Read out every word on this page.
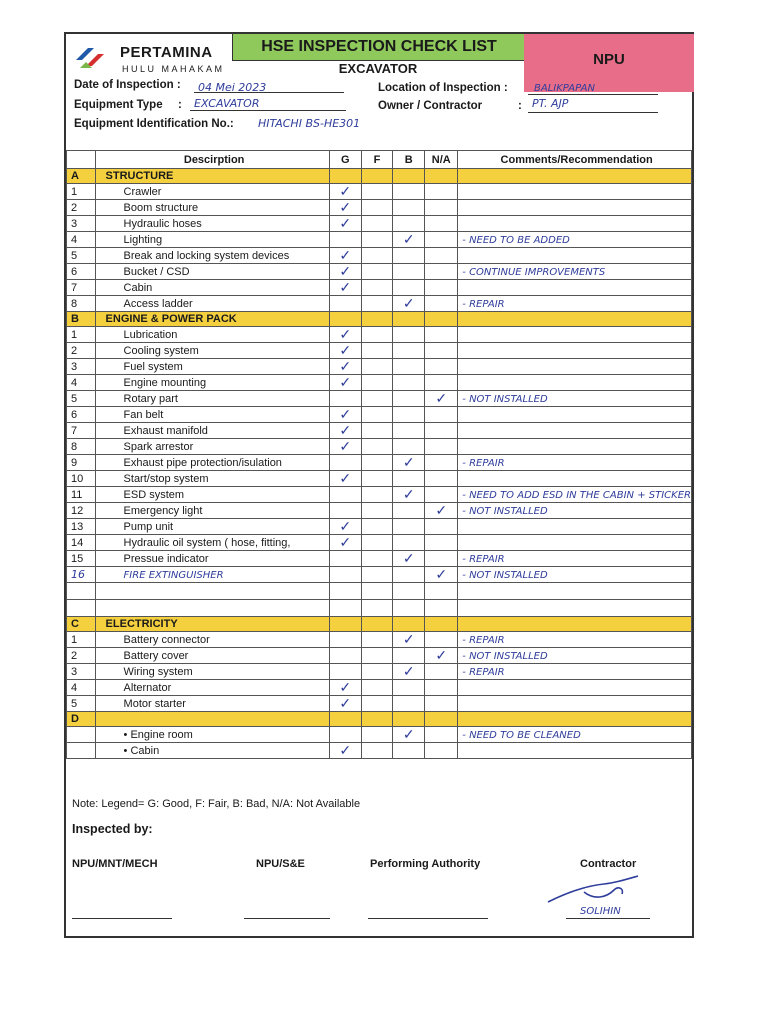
PERTAMINA
HULU MAHAKAM
HSE INSPECTION CHECK LIST
EXCAVATOR
NPU
Date of Inspection :	04 Mei 2023	Location of Inspection :	BALIKPAPAN
Equipment Type :	EXCAVATOR	Owner / Contractor	: PT. AJP
Equipment Identification No.: HITACHI BS-HE301
	Descirption	G	F	B	N/A	Comments/Recommendation
A	STRUCTURE					
1	Crawler	✓				
2	Boom structure	✓				
3	Hydraulic hoses	✓				
4	Lighting			✓		- NEED TO BE ADDED
5	Break and locking system devices	✓				
6	Bucket / CSD	✓				- CONTINUE IMPROVEMENTS
7	Cabin	✓				
8	Access ladder			✓		- REPAIR
B	ENGINE & POWER PACK					
1	Lubrication	✓				
2	Cooling system	✓				
3	Fuel system	✓				
4	Engine mounting	✓				
5	Rotary part				✓	- NOT INSTALLED
6	Fan belt	✓				
7	Exhaust manifold	✓				
8	Spark arrestor	✓				
9	Exhaust pipe protection/isulation			✓		- REPAIR
10	Start/stop system	✓				
11	ESD system			✓		- NEED TO ADD ESD IN THE CABIN + STICKER
12	Emergency light				✓	- NOT INSTALLED
13	Pump unit	✓				
14	Hydraulic oil system ( hose, fitting,	✓				
15	Pressue indicator			✓		- REPAIR
16	FIRE EXTINGUISHER				✓	- NOT INSTALLED

C	ELECTRICITY					
1	Battery connector			✓		- REPAIR
2	Battery cover				✓	- NOT INSTALLED
3	Wiring system			✓		- REPAIR
4	Alternator	✓				
5	Motor starter	✓				
D						
	• Engine room			✓		- NEED TO BE CLEANED
	• Cabin	✓				
Note: Legend= G: Good, F: Fair, B: Bad, N/A: Not Available
Inspected by:
NPU/MNT/MECH	NPU/S&E	Performing Authority	Contractor
SOLIHIN
